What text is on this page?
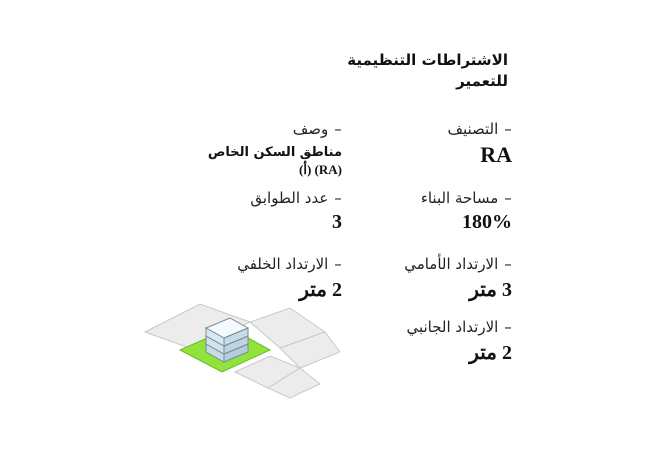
الاشتراطات التنظيمية
للتعمير
–التصنيف
RA
–مساحة البناء
180%
–الارتداد الأمامي
3 متر
–الارتداد الجانبي
2 متر
–وصف
مناطق السكن الخاص
(RA) (أ)
–عدد الطوابق
3
–الارتداد الخلفي
2 متر
